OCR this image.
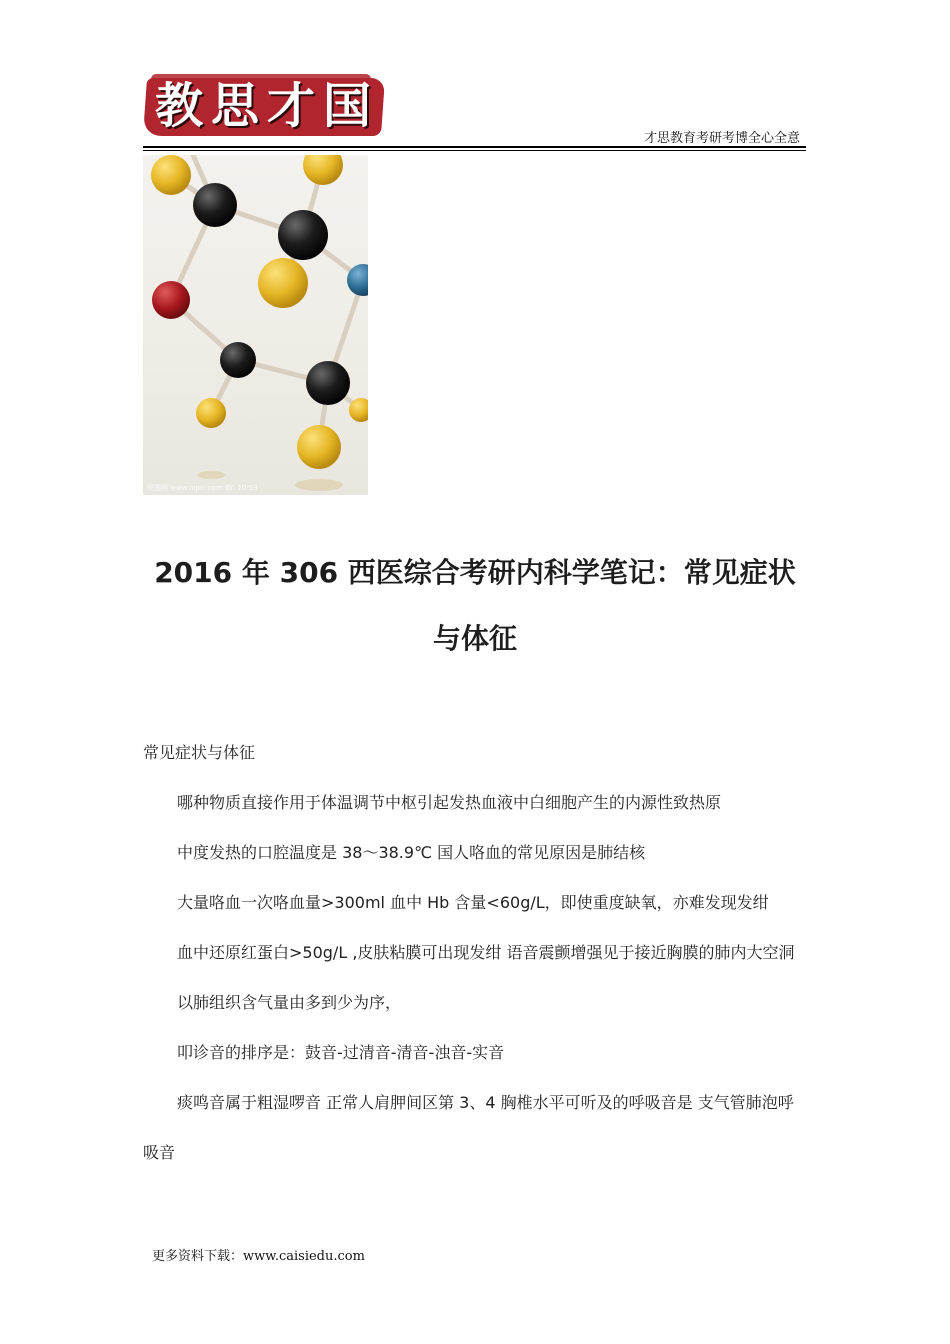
教思才国
才思教育考研考博全心全意
昵图网 www.nipic.com BY: 10:53
2016 年 306 西医综合考研内科学笔记：常见症状与体征

常见症状与体征

哪种物质直接作用于体温调节中枢引起发热血液中白细胞产生的内源性致热原

中度发热的口腔温度是 38～38.9℃ 国人咯血的常见原因是肺结核

大量咯血一次咯血量>300ml 血中 Hb 含量<60g/L，即使重度缺氧，亦难发现发绀

血中还原红蛋白>50g/L ,皮肤粘膜可出现发绀 语音震颤增强见于接近胸膜的肺内大空洞

以肺组织含气量由多到少为序，

叩诊音的排序是：鼓音-过清音-清音-浊音-实音

痰鸣音属于粗湿啰音 正常人肩胛间区第 3、4 胸椎水平可听及的呼吸音是 支气管肺泡呼吸音

更多资料下载：www.caisiedu.com
